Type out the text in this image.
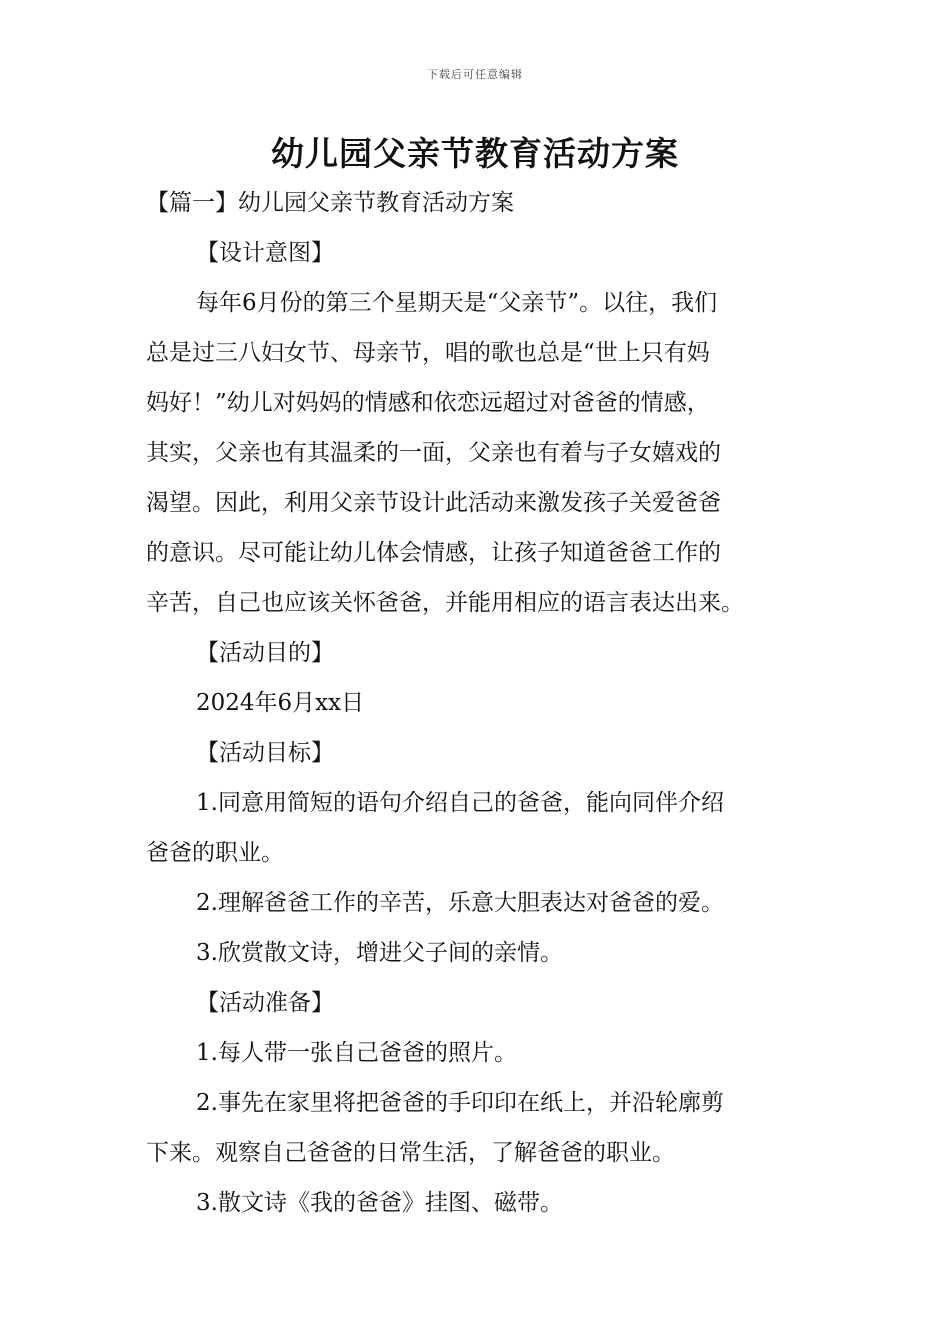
下载后可任意编辑
幼儿园父亲节教育活动方案

【篇一】幼儿园父亲节教育活动方案

【设计意图】

每年6月份的第三个星期天是“父亲节”。以往，我们

总是过三八妇女节、母亲节，唱的歌也总是“世上只有妈

妈好！”幼儿对妈妈的情感和依恋远超过对爸爸的情感，

其实，父亲也有其温柔的一面，父亲也有着与子女嬉戏的

渴望。因此，利用父亲节设计此活动来激发孩子关爱爸爸

的意识。尽可能让幼儿体会情感，让孩子知道爸爸工作的

辛苦，自己也应该关怀爸爸，并能用相应的语言表达出来。

【活动目的】

2024年6月xx日

【活动目标】

1.同意用简短的语句介绍自己的爸爸，能向同伴介绍

爸爸的职业。

2.理解爸爸工作的辛苦，乐意大胆表达对爸爸的爱。

3.欣赏散文诗，增进父子间的亲情。

【活动准备】

1.每人带一张自己爸爸的照片。

2.事先在家里将把爸爸的手印印在纸上，并沿轮廓剪

下来。观察自己爸爸的日常生活，了解爸爸的职业。

3.散文诗《我的爸爸》挂图、磁带。
